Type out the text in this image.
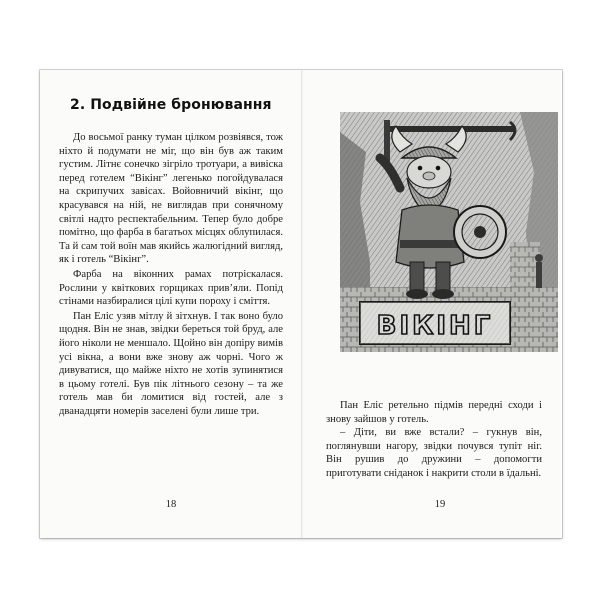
2. Подвійне бронювання

До восьмої ранку туман цілком розвіявся, тож ніхто й подумати не міг, що він був аж таким густим. Літнє сонечко зігріло тротуари, а вивіска перед готелем “Вікінг” легенько погойдувалася на скрипучих завісах. Войовничий вікінг, що красувався на ній, не виглядав при сонячному світлі надто респектабельним. Тепер було добре помітно, що фарба в багатьох місцях облупилася. Та й сам той воїн мав якийсь жалюгідний вигляд, як і готель “Вікінг”.

Фарба на віконних рамах потріскалася. Рослини у квіткових горщиках прив’яли. Попід стінами назбиралися цілі купи пороху і сміття.

Пан Еліс узяв мітлу й зітхнув. І так воно було щодня. Він не знав, звідки береться той бруд, але його ніколи не меншало. Щойно він допіру вимів усі вікна, а вони вже знову аж чорні. Чого ж дивуватися, що майже ніхто не хотів зупинятися в цьому готелі. Був пік літнього сезону – та же готель мав би ломитися від гостей, але з дванадцяти номерів заселені були лише три.

18
ВІКІНГ

Пан Еліс ретельно підмів передні сходи і знову зайшов у готель.

– Діти, ви вже встали? – гукнув він, поглянувши нагору, звідки почувся тупіт ніг. Він рушив до дружини – допомогти приготувати сніданок і накрити столи в їдальні.

19
